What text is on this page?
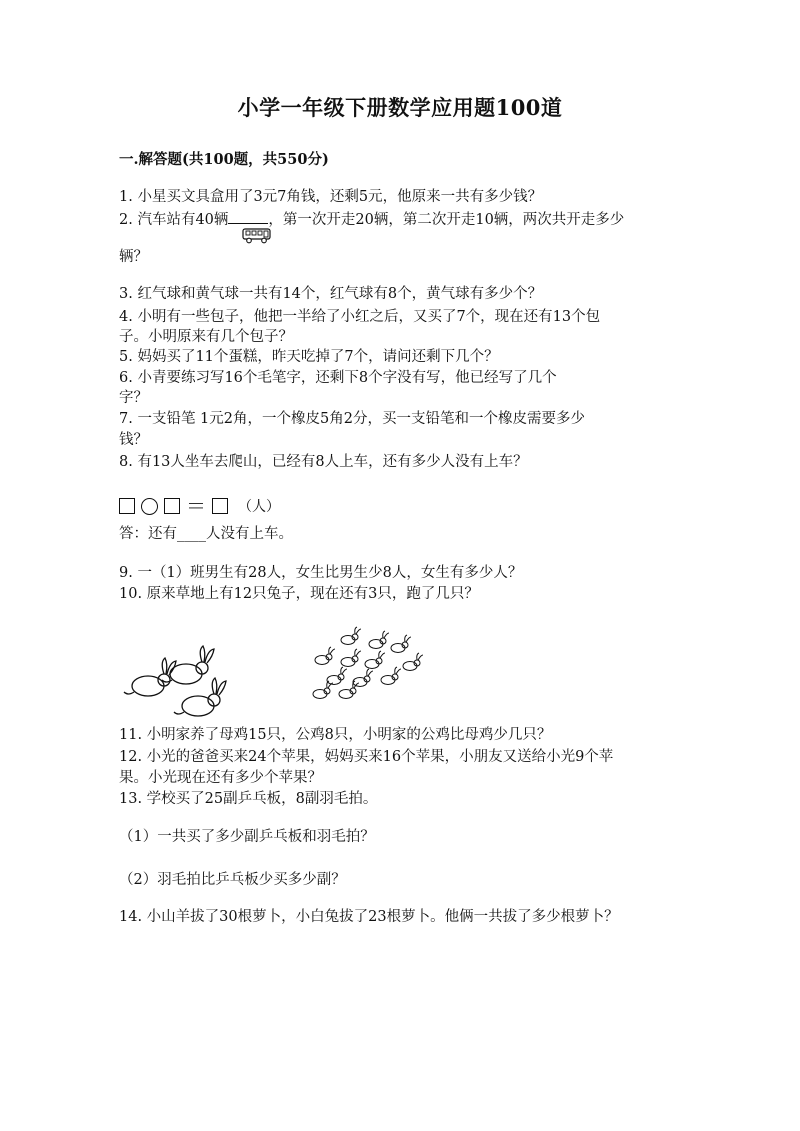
小学一年级下册数学应用题100道

一.解答题(共100题，共550分)

1. 小星买文具盒用了3元7角钱，还剩5元，他原来一共有多少钱？

2. 汽车站有40辆	，第一次开走20辆，第二次开走10辆，两次共开走多少

辆？

3. 红气球和黄气球一共有14个，红气球有8个，黄气球有多少个？

4. 小明有一些包子，他把一半给了小红之后，又买了7个，现在还有13个包

子。小明原来有几个包子？

5. 妈妈买了11个蛋糕，昨天吃掉了7个，请问还剩下几个？

6. 小青要练习写16个毛笔字，还剩下8个字没有写，他已经写了几个

字？

7. 一支铅笔 1元2角，一个橡皮5角2分，买一支铅笔和一个橡皮需要多少

钱？

8. 有13人坐车去爬山，已经有8人上车，还有多少人没有上车？

＝ （人）

答：还有____人没有上车。

9. 一（1）班男生有28人，女生比男生少8人，女生有多少人？

10. 原来草地上有12只兔子，现在还有3只，跑了几只？

11. 小明家养了母鸡15只，公鸡8只，小明家的公鸡比母鸡少几只？

12. 小光的爸爸买来24个苹果，妈妈买来16个苹果，小朋友又送给小光9个苹

果。小光现在还有多少个苹果？

13. 学校买了25副乒乓板，8副羽毛拍。

（1）一共买了多少副乒乓板和羽毛拍？

（2）羽毛拍比乒乓板少买多少副？

14. 小山羊拔了30根萝卜，小白兔拔了23根萝卜。他俩一共拔了多少根萝卜？
